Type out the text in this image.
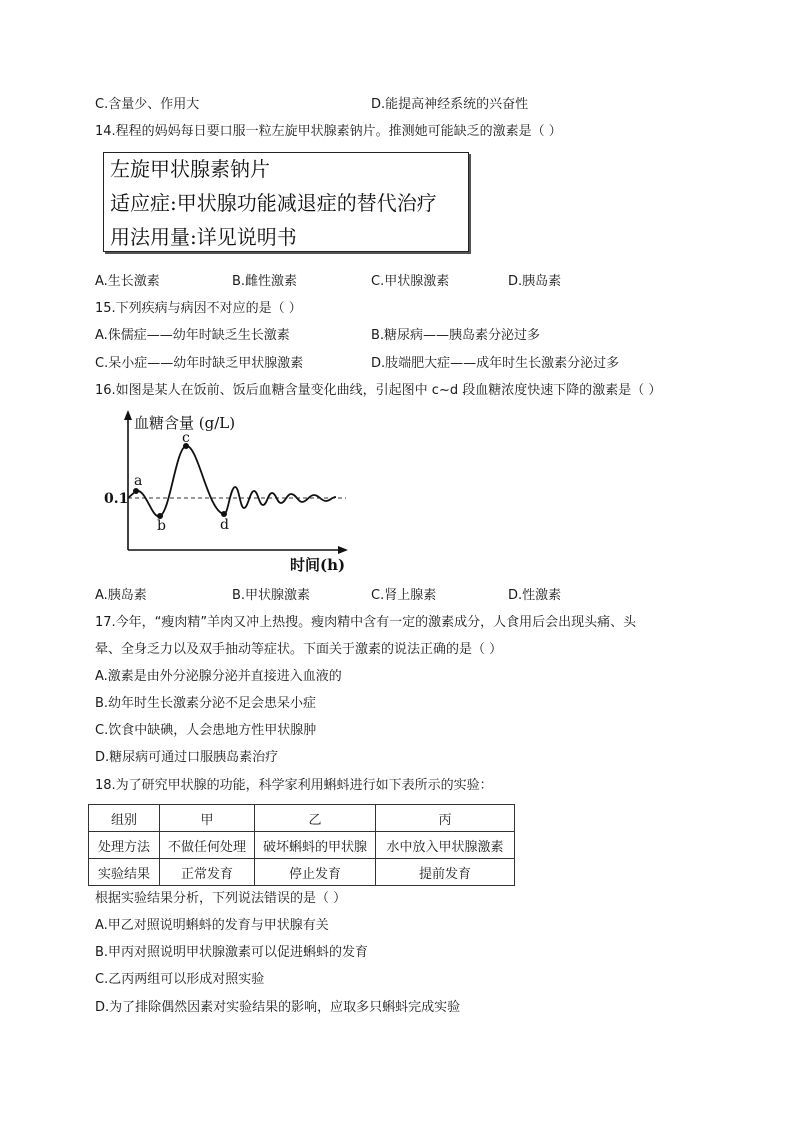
C.含量少、作用大	D.能提高神经系统的兴奋性
14.程程的妈妈每日要口服一粒左旋甲状腺素钠片。推测她可能缺乏的激素是（ ）
左旋甲状腺素钠片
适应症:甲状腺功能减退症的替代治疗
用法用量:详见说明书
A.生长激素	B.雌性激素	C.甲状腺激素	D.胰岛素
15.下列疾病与病因不对应的是（ ）
A.侏儒症——幼年时缺乏生长激素	B.糖尿病——胰岛素分泌过多
C.呆小症——幼年时缺乏甲状腺激素	D.肢端肥大症——成年时生长激素分泌过多
16.如图是某人在饭前、饭后血糖含量变化曲线，引起图中 c~d 段血糖浓度快速下降的激素是（ ）
血糖含量 (g/L)
时间(h)
0.1
a
b
c
d
A.胰岛素	B.甲状腺激素	C.肾上腺素	D.性激素
17.今年，“瘦肉精”羊肉又冲上热搜。瘦肉精中含有一定的激素成分，人食用后会出现头痛、头
晕、全身乏力以及双手抽动等症状。下面关于激素的说法正确的是（ ）
A.激素是由外分泌腺分泌并直接进入血液的
B.幼年时生长激素分泌不足会患呆小症
C.饮食中缺碘，人会患地方性甲状腺肿
D.糖尿病可通过口服胰岛素治疗
18.为了研究甲状腺的功能，科学家利用蝌蚪进行如下表所示的实验：
组别	甲	乙	丙
处理方法	不做任何处理	破坏蝌蚪的甲状腺	水中放入甲状腺激素
实验结果	正常发育	停止发育	提前发育
根据实验结果分析，下列说法错误的是（ ）
A.甲乙对照说明蝌蚪的发育与甲状腺有关
B.甲丙对照说明甲状腺激素可以促进蝌蚪的发育
C.乙丙两组可以形成对照实验
D.为了排除偶然因素对实验结果的影响，应取多只蝌蚪完成实验
